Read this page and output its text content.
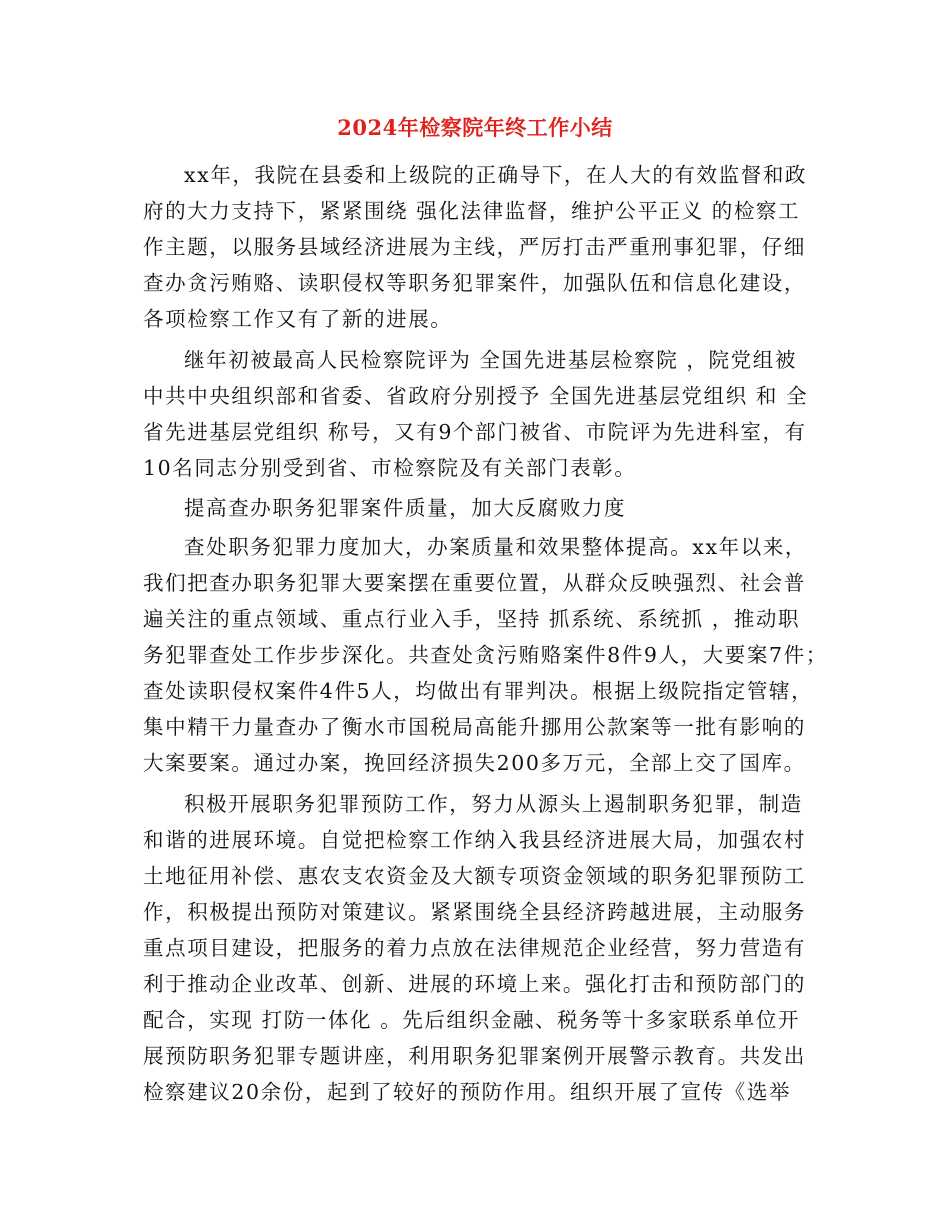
2024年检察院年终工作小结
xx年，我院在县委和上级院的正确导下，在人大的有效监督和政
府的大力支持下，紧紧围绕 强化法律监督，维护公平正义 的检察工
作主题，以服务县域经济进展为主线，严厉打击严重刑事犯罪，仔细
查办贪污贿赂、读职侵权等职务犯罪案件，加强队伍和信息化建设，
各项检察工作又有了新的进展。
继年初被最高人民检察院评为 全国先进基层检察院 ，院党组被
中共中央组织部和省委、省政府分别授予 全国先进基层党组织 和 全
省先进基层党组织 称号，又有9个部门被省、市院评为先进科室，有
10名同志分别受到省、市检察院及有关部门表彰。
提高查办职务犯罪案件质量，加大反腐败力度
查处职务犯罪力度加大，办案质量和效果整体提高。xx年以来，
我们把查办职务犯罪大要案摆在重要位置，从群众反映强烈、社会普
遍关注的重点领域、重点行业入手，坚持 抓系统、系统抓 ，推动职
务犯罪查处工作步步深化。共查处贪污贿赂案件8件9人，大要案7件；
查处读职侵权案件4件5人，均做出有罪判决。根据上级院指定管辖，
集中精干力量查办了衡水市国税局高能升挪用公款案等一批有影响的
大案要案。通过办案，挽回经济损失200多万元，全部上交了国库。
积极开展职务犯罪预防工作，努力从源头上遏制职务犯罪，制造
和谐的进展环境。自觉把检察工作纳入我县经济进展大局，加强农村
土地征用补偿、惠农支农资金及大额专项资金领域的职务犯罪预防工
作，积极提出预防对策建议。紧紧围绕全县经济跨越进展，主动服务
重点项目建设，把服务的着力点放在法律规范企业经营，努力营造有
利于推动企业改革、创新、进展的环境上来。强化打击和预防部门的
配合，实现 打防一体化 。先后组织金融、税务等十多家联系单位开
展预防职务犯罪专题讲座，利用职务犯罪案例开展警示教育。共发出
检察建议20余份，起到了较好的预防作用。组织开展了宣传《选举
